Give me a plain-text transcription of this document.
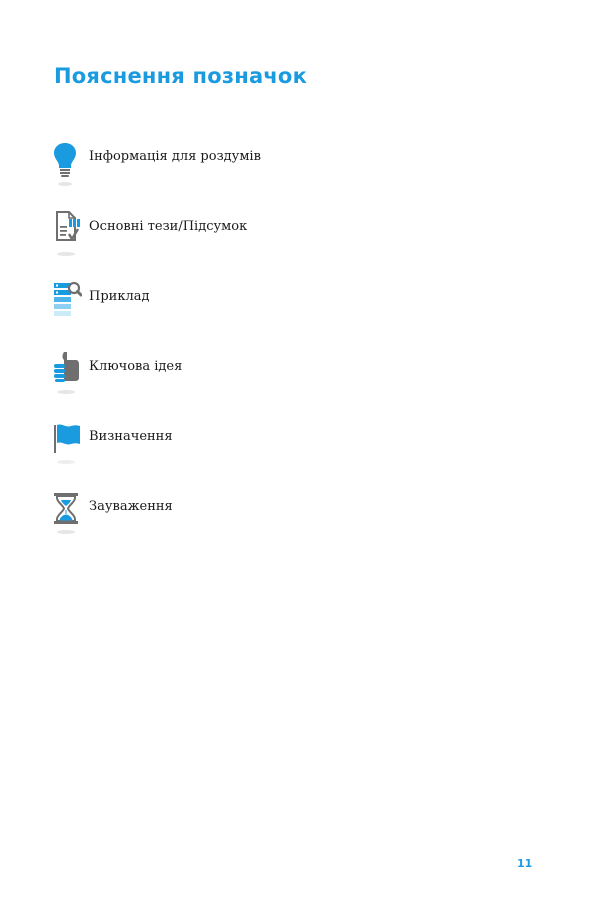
Пояснення позначок
Інформація для роздумів
Основні тези/Підсумок
Приклад
Ключова ідея
Визначення
Зауваження
11
